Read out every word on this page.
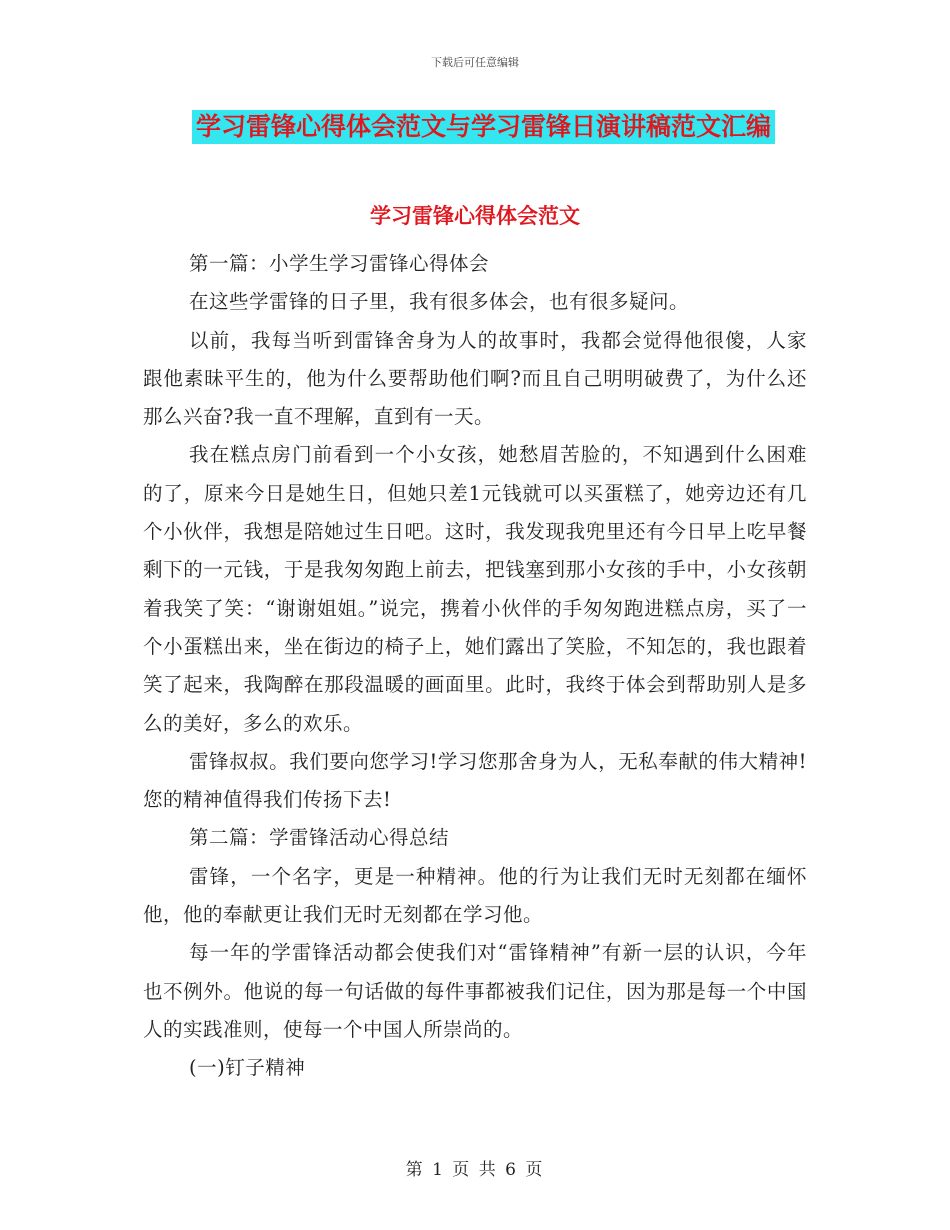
下载后可任意编辑
学习雷锋心得体会范文与学习雷锋日演讲稿范文汇编
学习雷锋心得体会范文

第一篇：小学生学习雷锋心得体会

在这些学雷锋的日子里，我有很多体会，也有很多疑问。

以前，我每当听到雷锋舍身为人的故事时，我都会觉得他很傻，人家跟他素昧平生的，他为什么要帮助他们啊?而且自己明明破费了，为什么还那么兴奋?我一直不理解，直到有一天。

我在糕点房门前看到一个小女孩，她愁眉苦脸的，不知遇到什么困难的了，原来今日是她生日，但她只差1元钱就可以买蛋糕了，她旁边还有几个小伙伴，我想是陪她过生日吧。这时，我发现我兜里还有今日早上吃早餐剩下的一元钱，于是我匆匆跑上前去，把钱塞到那小女孩的手中，小女孩朝着我笑了笑：“谢谢姐姐。”说完，携着小伙伴的手匆匆跑进糕点房，买了一个小蛋糕出来，坐在街边的椅子上，她们露出了笑脸，不知怎的，我也跟着笑了起来，我陶醉在那段温暖的画面里。此时，我终于体会到帮助别人是多么的美好，多么的欢乐。

雷锋叔叔。我们要向您学习!学习您那舍身为人，无私奉献的伟大精神!您的精神值得我们传扬下去!

第二篇：学雷锋活动心得总结

雷锋，一个名字，更是一种精神。他的行为让我们无时无刻都在缅怀他，他的奉献更让我们无时无刻都在学习他。

每一年的学雷锋活动都会使我们对“雷锋精神”有新一层的认识，今年也不例外。他说的每一句话做的每件事都被我们记住，因为那是每一个中国人的实践准则，使每一个中国人所崇尚的。

(一)钉子精神

第 1 页 共 6 页
